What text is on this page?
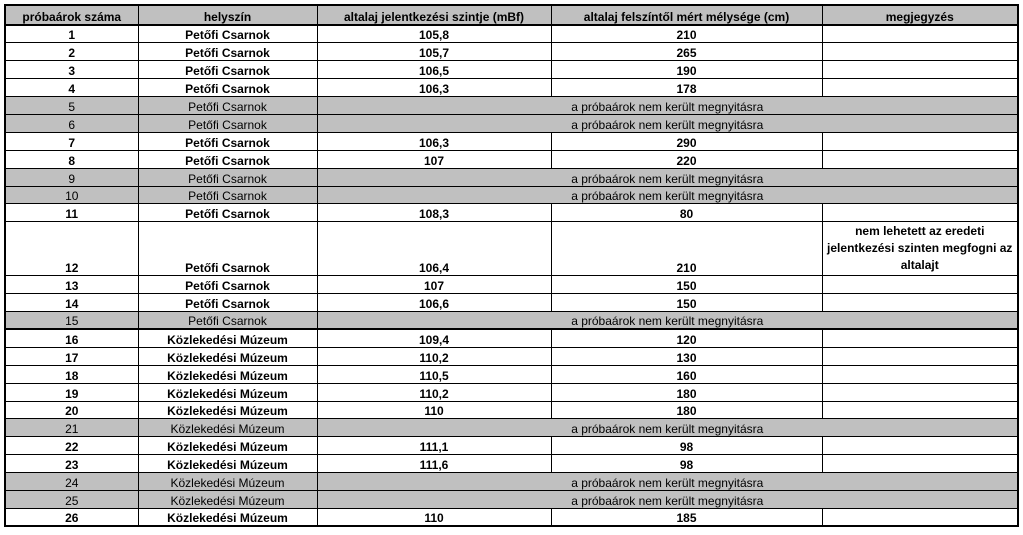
próbaárok száma	helyszín	altalaj jelentkezési szintje (mBf)	altalaj felszíntől mért mélysége (cm)	megjegyzés
1	Petőfi Csarnok	105,8	210	
2	Petőfi Csarnok	105,7	265	
3	Petőfi Csarnok	106,5	190	
4	Petőfi Csarnok	106,3	178	
5	Petőfi Csarnok	a próbaárok nem került megnyitásra		
6	Petőfi Csarnok	a próbaárok nem került megnyitásra		
7	Petőfi Csarnok	106,3	290	
8	Petőfi Csarnok	107	220	
9	Petőfi Csarnok	a próbaárok nem került megnyitásra		
10	Petőfi Csarnok	a próbaárok nem került megnyitásra		
11	Petőfi Csarnok	108,3	80	
12	Petőfi Csarnok	106,4	210	nem lehetett az eredeti jelentkezési szinten megfogni az altalajt
13	Petőfi Csarnok	107	150	
14	Petőfi Csarnok	106,6	150	
15	Petőfi Csarnok	a próbaárok nem került megnyitásra		
16	Közlekedési Múzeum	109,4	120	
17	Közlekedési Múzeum	110,2	130	
18	Közlekedési Múzeum	110,5	160	
19	Közlekedési Múzeum	110,2	180	
20	Közlekedési Múzeum	110	180	
21	Közlekedési Múzeum	a próbaárok nem került megnyitásra		
22	Közlekedési Múzeum	111,1	98	
23	Közlekedési Múzeum	111,6	98	
24	Közlekedési Múzeum	a próbaárok nem került megnyitásra		
25	Közlekedési Múzeum	a próbaárok nem került megnyitásra		
26	Közlekedési Múzeum	110	185	
